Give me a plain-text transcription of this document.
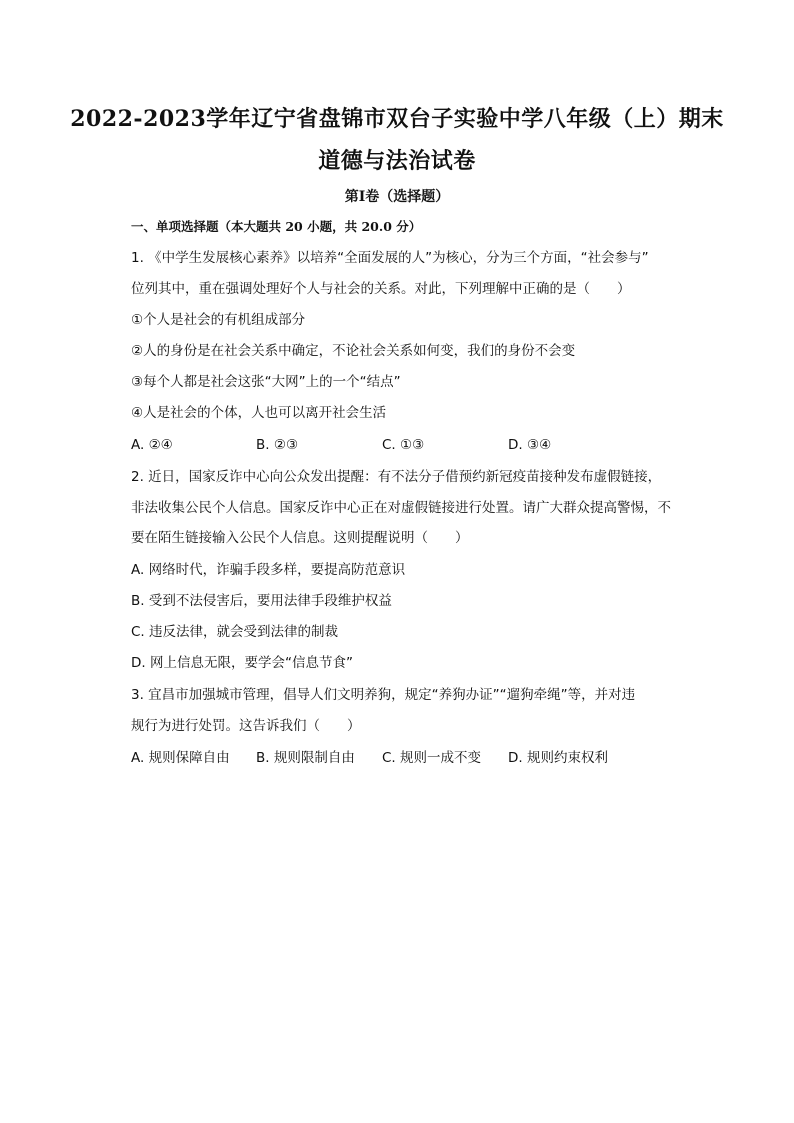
2022-2023学年辽宁省盘锦市双台子实验中学八年级（上）期末
道德与法治试卷
第Ⅰ卷（选择题）
一、单项选择题（本大题共 20 小题，共 20.0 分）
1. 《中学生发展核心素养》以培养“全面发展的人”为核心，分为三个方面，“社会参与”
位列其中，重在强调处理好个人与社会的关系。对此，下列理解中正确的是（　　）
①个人是社会的有机组成部分
②人的身份是在社会关系中确定，不论社会关系如何变，我们的身份不会变
③每个人都是社会这张“大网”上的一个“结点”
④人是社会的个体，人也可以离开社会生活
A. ②④	B. ②③	C. ①③	D. ③④
2. 近日，国家反诈中心向公众发出提醒：有不法分子借预约新冠疫苗接种发布虚假链接，
非法收集公民个人信息。国家反诈中心正在对虚假链接进行处置。请广大群众提高警惕，不
要在陌生链接输入公民个人信息。这则提醒说明（　　）
A. 网络时代，诈骗手段多样，要提高防范意识
B. 受到不法侵害后，要用法律手段维护权益
C. 违反法律，就会受到法律的制裁
D. 网上信息无限，要学会“信息节食”
3. 宜昌市加强城市管理，倡导人们文明养狗，规定“养狗办证”“遛狗牵绳”等，并对违
规行为进行处罚。这告诉我们（　　）
A. 规则保障自由 B. 规则限制自由 C. 规则一成不变 D. 规则约束权利
